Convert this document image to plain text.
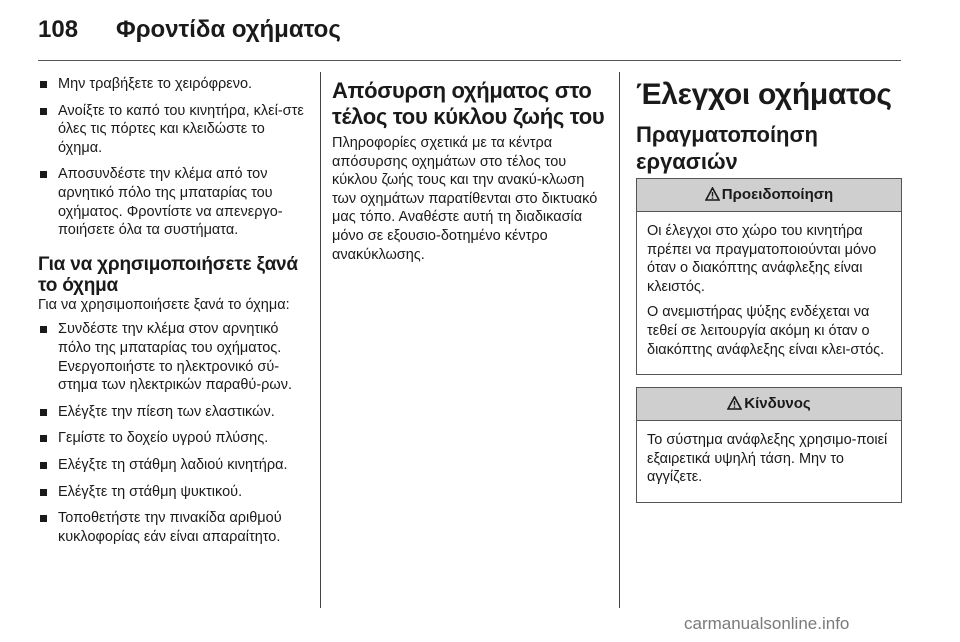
108 Φροντίδα οχήματος
Μην τραβήξετε το χειρόφρενο.
Ανοίξτε το καπό του κινητήρα, κλεί-στε όλες τις πόρτες και κλειδώστε το όχημα.
Αποσυνδέστε την κλέμα από τον αρνητικό πόλο της μπαταρίας του οχήματος. Φροντίστε να απενεργο-ποιήσετε όλα τα συστήματα.
Για να χρησιμοποιήσετε ξανά το όχημα
Για να χρησιμοποιήσετε ξανά το όχημα:
Συνδέστε την κλέμα στον αρνητικό πόλο της μπαταρίας του οχήματος. Ενεργοποιήστε το ηλεκτρονικό σύ-στημα των ηλεκτρικών παραθύ-ρων.
Ελέγξτε την πίεση των ελαστικών.
Γεμίστε το δοχείο υγρού πλύσης.
Ελέγξτε τη στάθμη λαδιού κινητήρα.
Ελέγξτε τη στάθμη ψυκτικού.
Τοποθετήστε την πινακίδα αριθμού κυκλοφορίας εάν είναι απαραίτητο.
Απόσυρση οχήματος στο τέλος του κύκλου ζωής του
Πληροφορίες σχετικά με τα κέντρα απόσυρσης οχημάτων στο τέλος του κύκλου ζωής τους και την ανακύ-κλωση των οχημάτων παρατίθενται στο δικτυακό μας τόπο. Αναθέστε αυτή τη διαδικασία μόνο σε εξουσιο-δοτημένο κέντρο ανακύκλωσης.
Έλεγχοι οχήματος
Πραγματοποίηση εργασιών
Προειδοποίηση

Οι έλεγχοι στο χώρο του κινητήρα πρέπει να πραγματοποιούνται μόνο όταν ο διακόπτης ανάφλεξης είναι κλειστός.

Ο ανεμιστήρας ψύξης ενδέχεται να τεθεί σε λειτουργία ακόμη κι όταν ο διακόπτης ανάφλεξης είναι κλει-στός.

Κίνδυνος

Το σύστημα ανάφλεξης χρησιμο-ποιεί εξαιρετικά υψηλή τάση. Μην το αγγίζετε.

carmanualsonline.info
